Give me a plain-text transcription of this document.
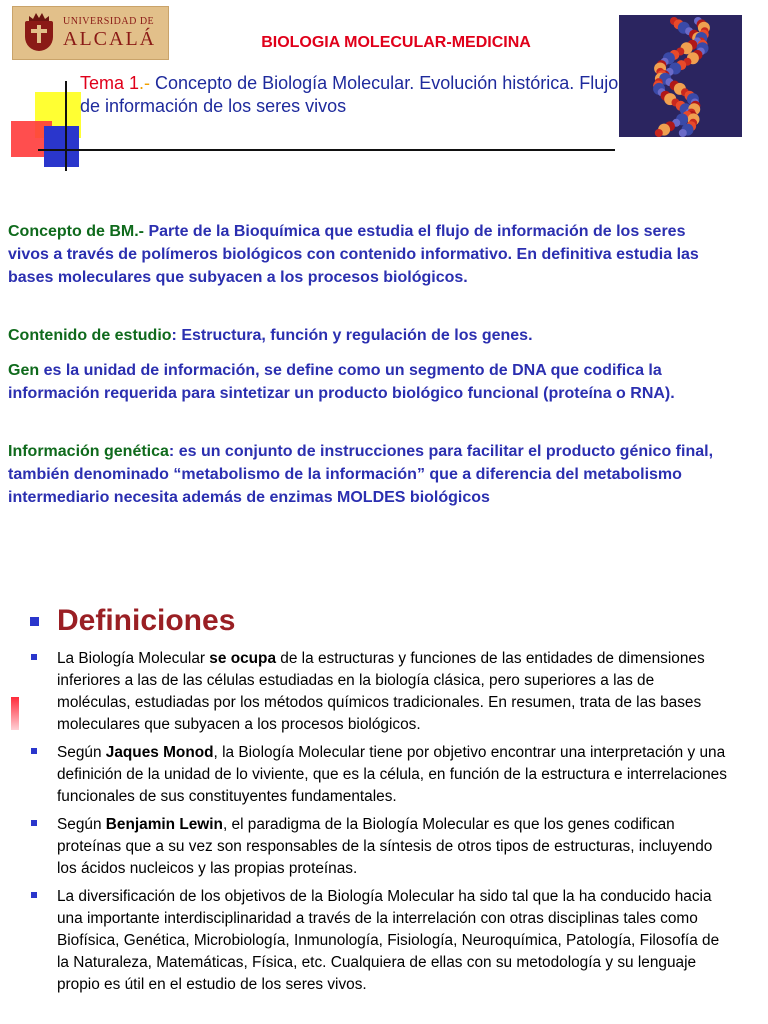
UNIVERSIDAD DE
ALCALÁ	BIOLOGIA MOLECULAR-MEDICINA
Tema 1.- Concepto de Biología Molecular. Evolución histórica. Flujo de información de los seres vivos
Concepto de BM.- Parte de la Bioquímica que estudia el flujo de información de los seres vivos a través de polímeros biológicos con contenido informativo. En definitiva estudia las bases moleculares que subyacen a los procesos biológicos.
Contenido de estudio: Estructura, función y regulación de los genes.
Gen es la unidad de información, se define como un segmento de DNA que codifica la información requerida para sintetizar un producto biológico funcional (proteína o RNA).
Información genética: es un conjunto de instrucciones para facilitar el producto génico final, también denominado “metabolismo de la información” que a diferencia del metabolismo intermediario necesita además de enzimas MOLDES biológicos
Definiciones
La Biología Molecular se ocupa de la estructuras y funciones de las entidades de dimensiones inferiores a las de las células estudiadas en la biología clásica, pero superiores a las de moléculas, estudiadas por los métodos químicos tradicionales. En resumen, trata de las bases moleculares que subyacen a los procesos biológicos.
Según Jaques Monod, la Biología Molecular tiene por objetivo encontrar una interpretación y una definición de la unidad de lo viviente, que es la célula, en función de la estructura e interrelaciones funcionales de sus constituyentes fundamentales.
Según Benjamin Lewin, el paradigma de la Biología Molecular es que los genes codifican proteínas que a su vez son responsables de la síntesis de otros tipos de estructuras, incluyendo los ácidos nucleicos y las propias proteínas.
La diversificación de los objetivos de la Biología Molecular ha sido tal que la ha conducido hacia una importante interdisciplinaridad a través de la interrelación con otras disciplinas tales como Biofísica, Genética, Microbiología, Inmunología, Fisiología, Neuroquímica, Patología, Filosofía de la Naturaleza, Matemáticas, Física, etc. Cualquiera de ellas con su metodología y su lenguaje propio es útil en el estudio de los seres vivos.
